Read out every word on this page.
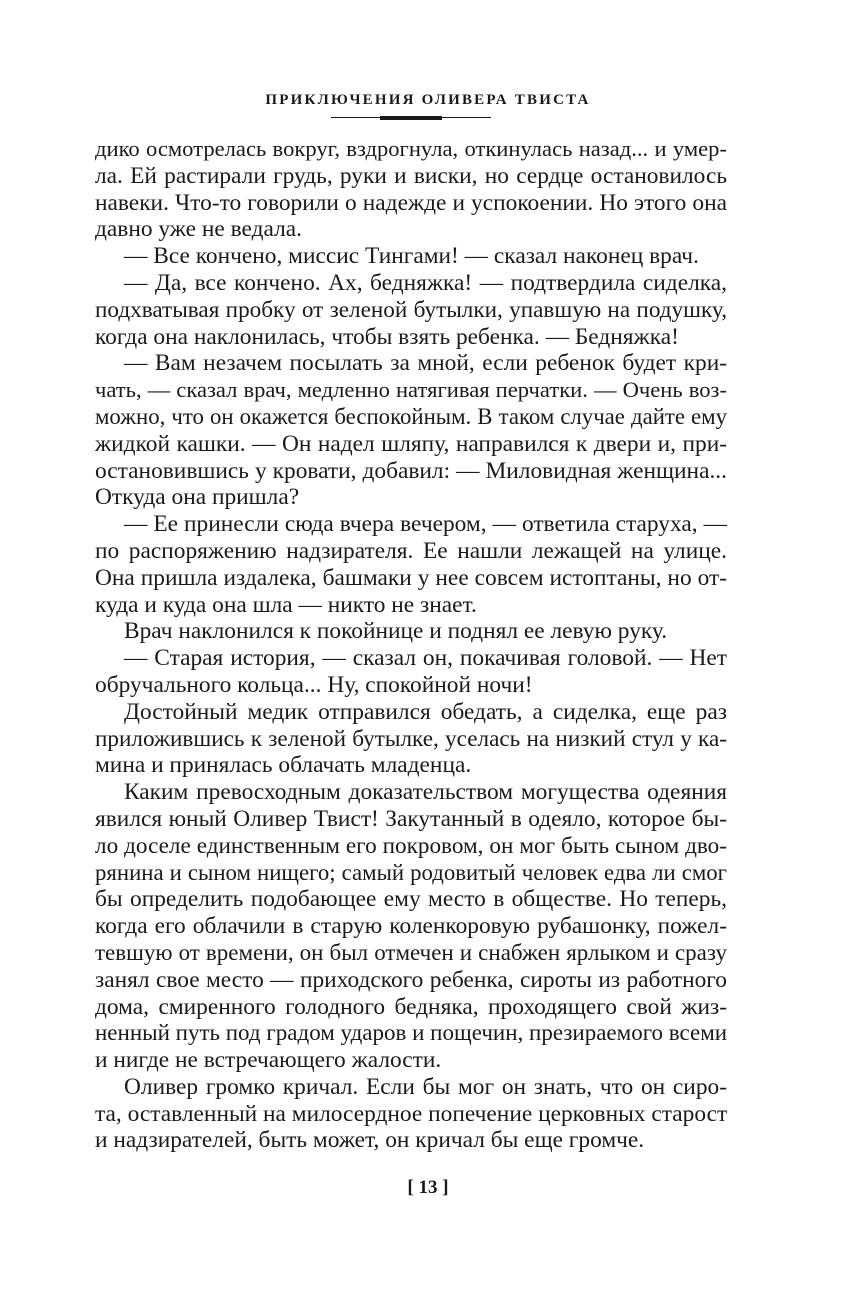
ПРИКЛЮЧЕНИЯ ОЛИВЕРА ТВИСТА

дико осмотрелась вокруг, вздрогнула, откинулась назад... и умер-

ла. Ей растирали грудь, руки и виски, но сердце остановилось

навеки. Что-то говорили о надежде и успокоении. Но этого она

давно уже не ведала.

— Все кончено, миссис Тингами! — сказал наконец врач.

— Да, все кончено. Ах, бедняжка! — подтвердила сиделка,

подхватывая пробку от зеленой бутылки, упавшую на подушку,

когда она наклонилась, чтобы взять ребенка. — Бедняжка!

— Вам незачем посылать за мной, если ребенок будет кри-

чать, — сказал врач, медленно натягивая перчатки. — Очень воз-

можно, что он окажется беспокойным. В таком случае дайте ему

жидкой кашки. — Он надел шляпу, направился к двери и, при-

остановившись у кровати, добавил: — Миловидная женщина...

Откуда она пришла?

— Ее принесли сюда вчера вечером, — ответила старуха, —

по распоряжению надзирателя. Ее нашли лежащей на улице.

Она пришла издалека, башмаки у нее совсем истоптаны, но от-

куда и куда она шла — никто не знает.

Врач наклонился к покойнице и поднял ее левую руку.

— Старая история, — сказал он, покачивая головой. — Нет

обручального кольца... Ну, спокойной ночи!

Достойный медик отправился обедать, а сиделка, еще раз

приложившись к зеленой бутылке, уселась на низкий стул у ка-

мина и принялась облачать младенца.

Каким превосходным доказательством могущества одеяния

явился юный Оливер Твист! Закутанный в одеяло, которое бы-

ло доселе единственным его покровом, он мог быть сыном дво-

рянина и сыном нищего; самый родовитый человек едва ли смог

бы определить подобающее ему место в обществе. Но теперь,

когда его облачили в старую коленкоровую рубашонку, пожел-

тевшую от времени, он был отмечен и снабжен ярлыком и сразу

занял свое место — приходского ребенка, сироты из работного

дома, смиренного голодного бедняка, проходящего свой жиз-

ненный путь под градом ударов и пощечин, презираемого всеми

и нигде не встречающего жалости.

Оливер громко кричал. Если бы мог он знать, что он сиро-

та, оставленный на милосердное попечение церковных старост

и надзирателей, быть может, он кричал бы еще громче.

[ 13 ]
